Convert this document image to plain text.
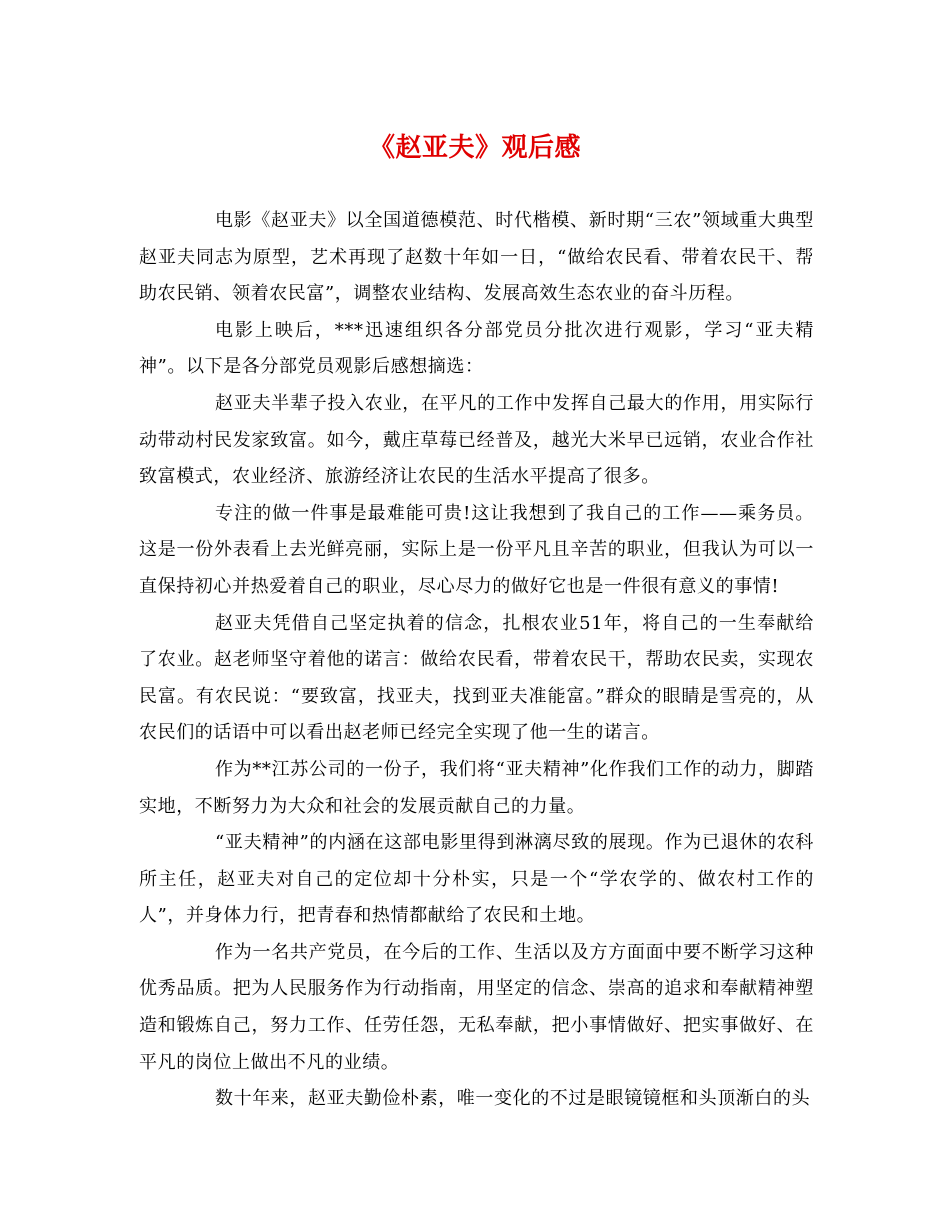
《赵亚夫》观后感

电影《赵亚夫》以全国道德模范、时代楷模、新时期“三农”领域重大典型赵亚夫同志为原型，艺术再现了赵数十年如一日，“做给农民看、带着农民干、帮助农民销、领着农民富”，调整农业结构、发展高效生态农业的奋斗历程。

电影上映后，***迅速组织各分部党员分批次进行观影，学习“亚夫精神”。以下是各分部党员观影后感想摘选：

赵亚夫半辈子投入农业，在平凡的工作中发挥自己最大的作用，用实际行动带动村民发家致富。如今，戴庄草莓已经普及，越光大米早已远销，农业合作社致富模式，农业经济、旅游经济让农民的生活水平提高了很多。

专注的做一件事是最难能可贵!这让我想到了我自己的工作——乘务员。这是一份外表看上去光鲜亮丽，实际上是一份平凡且辛苦的职业，但我认为可以一直保持初心并热爱着自己的职业，尽心尽力的做好它也是一件很有意义的事情!

赵亚夫凭借自己坚定执着的信念，扎根农业51年，将自己的一生奉献给了农业。赵老师坚守着他的诺言：做给农民看，带着农民干，帮助农民卖，实现农民富。有农民说：“要致富，找亚夫，找到亚夫准能富。”群众的眼睛是雪亮的，从农民们的话语中可以看出赵老师已经完全实现了他一生的诺言。

作为**江苏公司的一份子，我们将“亚夫精神”化作我们工作的动力，脚踏实地，不断努力为大众和社会的发展贡献自己的力量。

“亚夫精神”的内涵在这部电影里得到淋漓尽致的展现。作为已退休的农科所主任，赵亚夫对自己的定位却十分朴实，只是一个“学农学的、做农村工作的人”，并身体力行，把青春和热情都献给了农民和土地。

作为一名共产党员，在今后的工作、生活以及方方面面中要不断学习这种优秀品质。把为人民服务作为行动指南，用坚定的信念、崇高的追求和奉献精神塑造和锻炼自己，努力工作、任劳任怨，无私奉献，把小事情做好、把实事做好、在平凡的岗位上做出不凡的业绩。

数十年来，赵亚夫勤俭朴素，唯一变化的不过是眼镜镜框和头顶渐白的头
